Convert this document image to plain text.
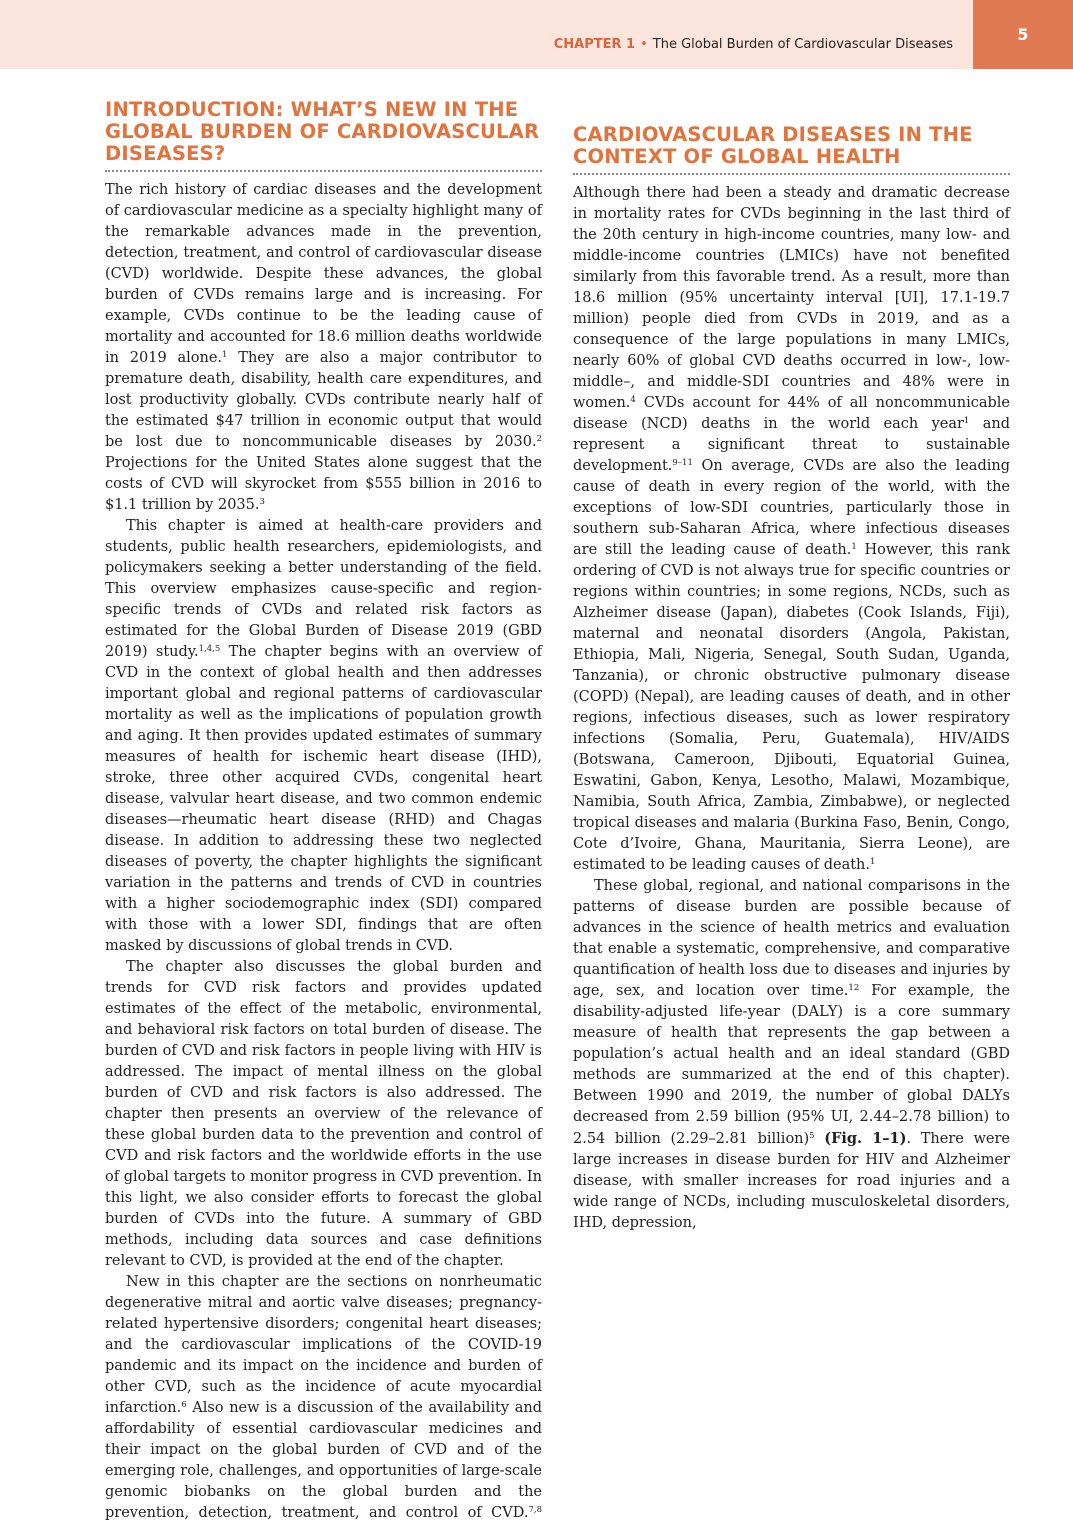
CHAPTER 1 • The Global Burden of Cardiovascular Diseases
5
INTRODUCTION: WHAT’S NEW IN THE
GLOBAL BURDEN OF CARDIOVASCULAR
DISEASES?

The rich history of cardiac diseases and the development of cardiovascular medicine as a specialty highlight many of the remarkable advances made in the prevention, detection, treatment, and control of cardiovascular disease (CVD) worldwide. Despite these advances, the global burden of CVDs remains large and is increasing. For example, CVDs continue to be the leading cause of mortality and accounted for 18.6 million deaths worldwide in 2019 alone.$^1$ They are also a major contributor to premature death, disability, health care expenditures, and lost productivity globally. CVDs contribute nearly half of the estimated $47 trillion in economic output that would be lost due to noncommunicable diseases by 2030.$^2$ Projections for the United States alone suggest that the costs of CVD will skyrocket from $555 billion in 2016 to $1.1 trillion by 2035.$^3$

This chapter is aimed at health-care providers and students, public health researchers, epidemiologists, and policymakers seeking a better understanding of the field. This overview emphasizes cause-specific and region-specific trends of CVDs and related risk factors as estimated for the Global Burden of Disease 2019 (GBD 2019) study.$^{1,4,5}$ The chapter begins with an overview of CVD in the context of global health and then addresses important global and regional patterns of cardiovascular mortality as well as the implications of population growth and aging. It then provides updated estimates of summary measures of health for ischemic heart disease (IHD), stroke, three other acquired CVDs, congenital heart disease, valvular heart disease, and two common endemic diseases—rheumatic heart disease (RHD) and Chagas disease. In addition to addressing these two neglected diseases of poverty, the chapter highlights the significant variation in the patterns and trends of CVD in countries with a higher sociodemographic index (SDI) compared with those with a lower SDI, findings that are often masked by discussions of global trends in CVD.

The chapter also discusses the global burden and trends for CVD risk factors and provides updated estimates of the effect of the metabolic, environmental, and behavioral risk factors on total burden of disease. The burden of CVD and risk factors in people living with HIV is addressed. The impact of mental illness on the global burden of CVD and risk factors is also addressed. The chapter then presents an overview of the relevance of these global burden data to the prevention and control of CVD and risk factors and the worldwide efforts in the use of global targets to monitor progress in CVD prevention. In this light, we also consider efforts to forecast the global burden of CVDs into the future. A summary of GBD methods, including data sources and case definitions relevant to CVD, is provided at the end of the chapter.

New in this chapter are the sections on nonrheumatic degenerative mitral and aortic valve diseases; pregnancy-related hypertensive disorders; congenital heart diseases; and the cardiovascular implications of the COVID-19 pandemic and its impact on the incidence and burden of other CVD, such as the incidence of acute myocardial infarction.$^6$ Also new is a discussion of the availability and affordability of essential cardiovascular medicines and their impact on the global burden of CVD and of the emerging role, challenges, and opportunities of large-scale genomic biobanks on the global burden and the prevention, detection, treatment, and control of CVD.$^{7,8}$

CARDIOVASCULAR DISEASES IN THE
CONTEXT OF GLOBAL HEALTH

Although there had been a steady and dramatic decrease in mortality rates for CVDs beginning in the last third of the 20th century in high-income countries, many low- and middle-income countries (LMICs) have not benefited similarly from this favorable trend. As a result, more than 18.6 million (95% uncertainty interval [UI], 17.1-19.7 million) people died from CVDs in 2019, and as a consequence of the large populations in many LMICs, nearly 60% of global CVD deaths occurred in low-, low-middle–, and middle-SDI countries and 48% were in women.$^4$ CVDs account for 44% of all noncommunicable disease (NCD) deaths in the world each year$^1$ and represent a significant threat to sustainable development.$^{9-11}$ On average, CVDs are also the leading cause of death in every region of the world, with the exceptions of low-SDI countries, particularly those in southern sub-Saharan Africa, where infectious diseases are still the leading cause of death.$^1$ However, this rank ordering of CVD is not always true for specific countries or regions within countries; in some regions, NCDs, such as Alzheimer disease (Japan), diabetes (Cook Islands, Fiji), maternal and neonatal disorders (Angola, Pakistan, Ethiopia, Mali, Nigeria, Senegal, South Sudan, Uganda, Tanzania), or chronic obstructive pulmonary disease (COPD) (Nepal), are leading causes of death, and in other regions, infectious diseases, such as lower respiratory infections (Somalia, Peru, Guatemala), HIV/AIDS (Botswana, Cameroon, Djibouti, Equatorial Guinea, Eswatini, Gabon, Kenya, Lesotho, Malawi, Mozambique, Namibia, South Africa, Zambia, Zimbabwe), or neglected tropical diseases and malaria (Burkina Faso, Benin, Congo, Cote d’Ivoire, Ghana, Mauritania, Sierra Leone), are estimated to be leading causes of death.$^1$

These global, regional, and national comparisons in the patterns of disease burden are possible because of advances in the science of health metrics and evaluation that enable a systematic, comprehensive, and comparative quantification of health loss due to diseases and injuries by age, sex, and location over time.$^{12}$ For example, the disability-adjusted life-year (DALY) is a core summary measure of health that represents the gap between a population’s actual health and an ideal standard (GBD methods are summarized at the end of this chapter). Between 1990 and 2019, the number of global DALYs decreased from 2.59 billion (95% UI, 2.44–2.78 billion) to 2.54 billion (2.29–2.81 billion)$^5$ (Fig. 1–1). There were large increases in disease burden for HIV and Alzheimer disease, with smaller increases for road injuries and a wide range of NCDs, including musculoskeletal disorders, IHD, depression,
